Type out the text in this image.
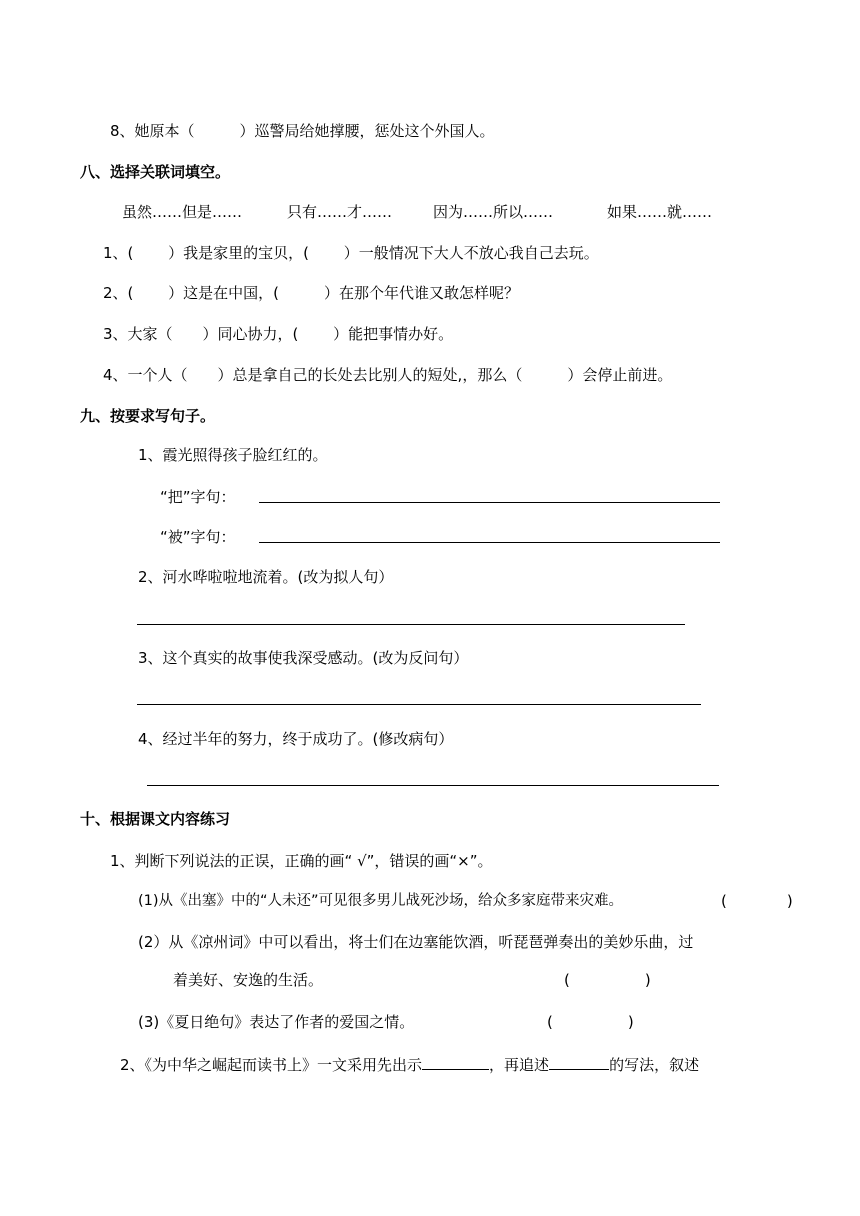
8、她原本（　　　）巡警局给她撑腰，惩处这个外国人。
八、选择关联词填空。
虽然……但是……	只有……才……	因为……所以……	如果……就……
1、(　　 ）我是家里的宝贝，(　　 ）一般情况下大人不放心我自己去玩。
2、(　　 ）这是在中国，(　　　）在那个年代谁又敢怎样呢？
3、大家（　　）同心协力，(　　 ）能把事情办好。
4、一个人（　　）总是拿自己的长处去比别人的短处,，那么（　　　）会停止前进。
九、按要求写句子。
1、霞光照得孩子脸红红的。
“把”字句：
“被”字句：
2、河水哗啦啦地流着。(改为拟人句）
3、这个真实的故事使我深受感动。(改为反问句）
4、经过半年的努力，终于成功了。(修改病句）
十、根据课文内容练习
1、判断下列说法的正误，正确的画“ √”，错误的画“×”。
(1)从《出塞》中的“人未还”可见很多男儿战死沙场，给众多家庭带来灾难。	(　　　　)
(2）从《凉州词》中可以看出，将士们在边塞能饮酒，听琵琶弹奏出的美妙乐曲，过
着美好、安逸的生活。	(　　　　　)
(3)《夏日绝句》表达了作者的爱国之情。	(　　　　　)
2、《为中华之崛起而读书上》一文采用先出示	，再追述	的写法，叙述
